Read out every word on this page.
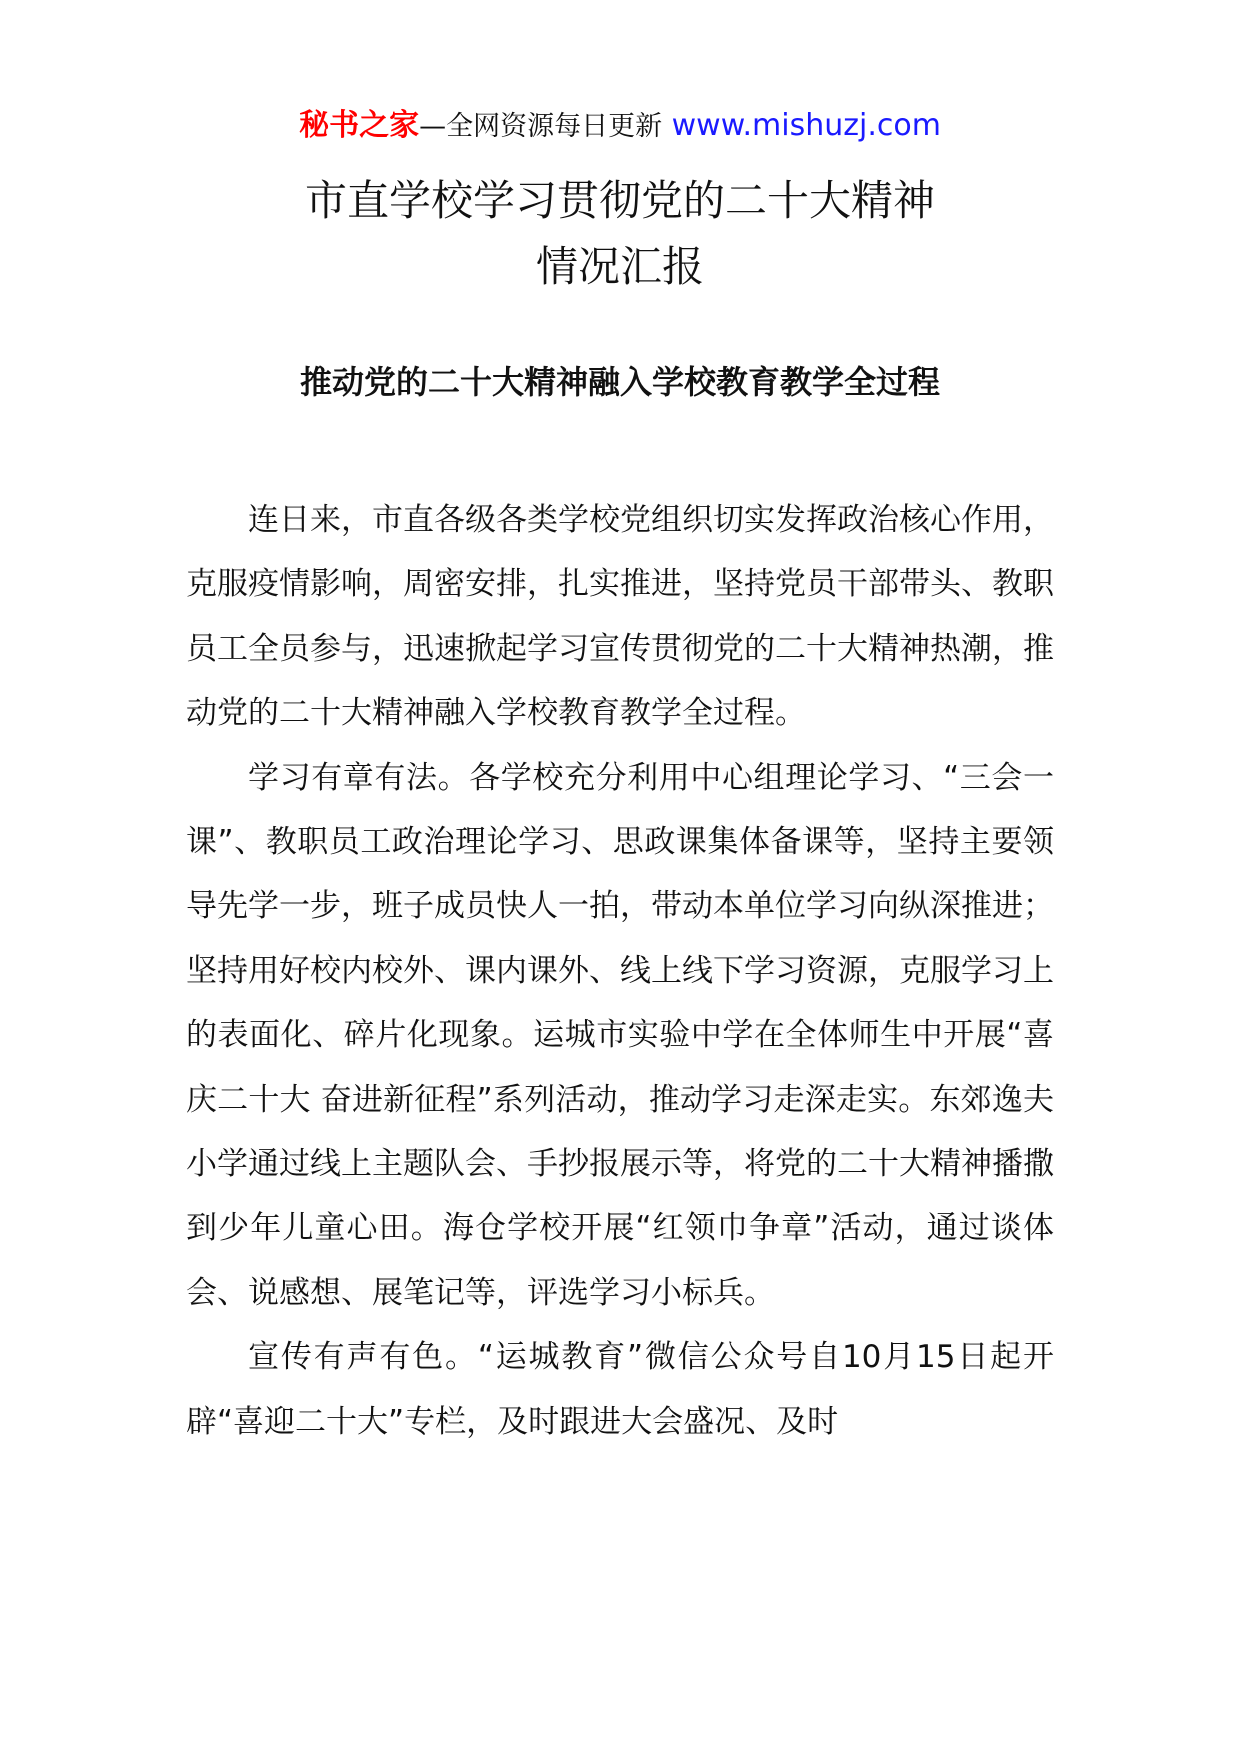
秘书之家—全网资源每日更新 www.mishuzj.com
市直学校学习贯彻党的二十大精神
情况汇报
推动党的二十大精神融入学校教育教学全过程

连日来，市直各级各类学校党组织切实发挥政治核心作用，克服疫情影响，周密安排，扎实推进，坚持党员干部带头、教职员工全员参与，迅速掀起学习宣传贯彻党的二十大精神热潮，推动党的二十大精神融入学校教育教学全过程。

学习有章有法。各学校充分利用中心组理论学习、“三会一课”、教职员工政治理论学习、思政课集体备课等，坚持主要领导先学一步，班子成员快人一拍，带动本单位学习向纵深推进；坚持用好校内校外、课内课外、线上线下学习资源，克服学习上的表面化、碎片化现象。运城市实验中学在全体师生中开展“喜庆二十大 奋进新征程”系列活动，推动学习走深走实。东郊逸夫小学通过线上主题队会、手抄报展示等，将党的二十大精神播撒到少年儿童心田。海仓学校开展“红领巾争章”活动，通过谈体会、说感想、展笔记等，评选学习小标兵。

宣传有声有色。“运城教育”微信公众号自10月15日起开辟“喜迎二十大”专栏，及时跟进大会盛况、及时
